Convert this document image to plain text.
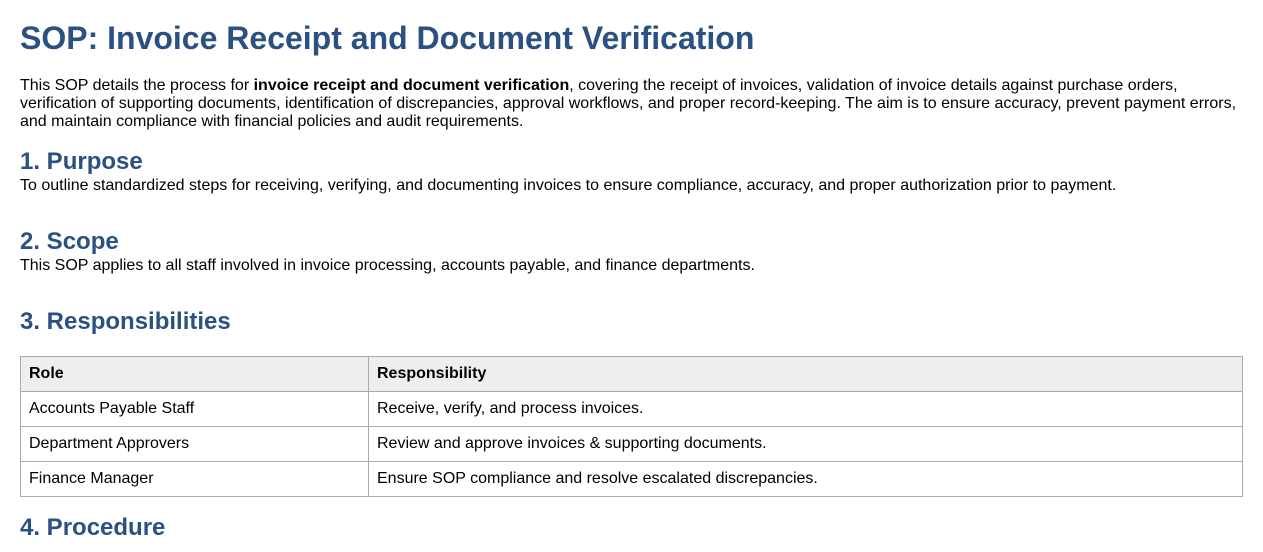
SOP: Invoice Receipt and Document Verification

This SOP details the process for invoice receipt and document verification, covering the receipt of invoices, validation of invoice details against purchase orders, verification of supporting documents, identification of discrepancies, approval workflows, and proper record-keeping. The aim is to ensure accuracy, prevent payment errors, and maintain compliance with financial policies and audit requirements.

1. Purpose

To outline standardized steps for receiving, verifying, and documenting invoices to ensure compliance, accuracy, and proper authorization prior to payment.

2. Scope

This SOP applies to all staff involved in invoice processing, accounts payable, and finance departments.

3. Responsibilities
Role	Responsibility
Accounts Payable Staff	Receive, verify, and process invoices.
Department Approvers	Review and approve invoices & supporting documents.
Finance Manager	Ensure SOP compliance and resolve escalated discrepancies.
4. Procedure
